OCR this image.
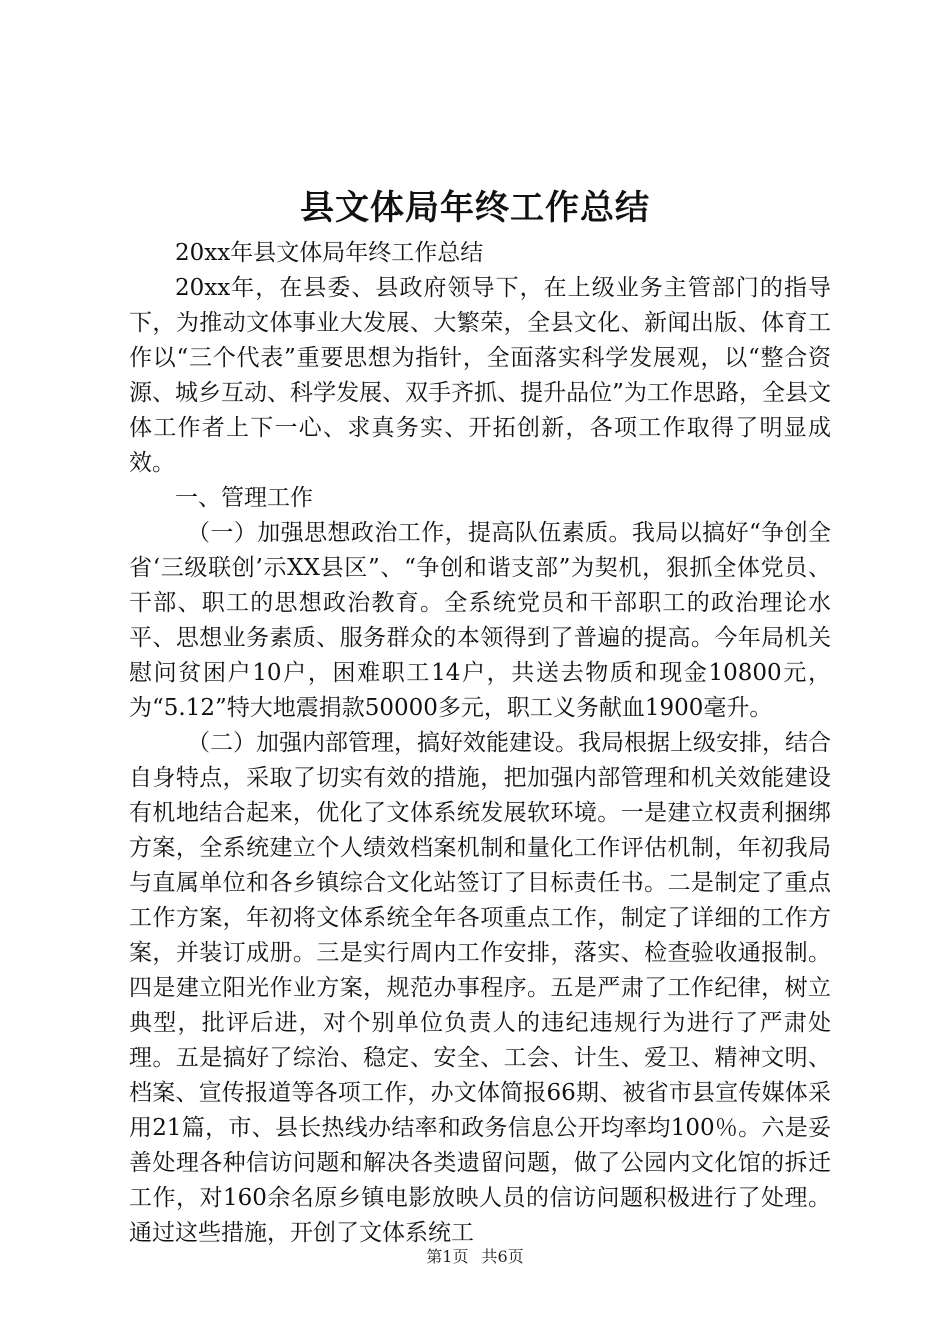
县文体局年终工作总结

20xx年县文体局年终工作总结

20xx年，在县委、县政府领导下，在上级业务主管部门的指导下，为推动文体事业大发展、大繁荣，全县文化、新闻出版、体育工作以“三个代表”重要思想为指针，全面落实科学发展观，以“整合资源、城乡互动、科学发展、双手齐抓、提升品位”为工作思路，全县文体工作者上下一心、求真务实、开拓创新，各项工作取得了明显成效。

一、管理工作

（一）加强思想政治工作，提高队伍素质。我局以搞好“争创全省‘三级联创’示XX县区”、“争创和谐支部”为契机，狠抓全体党员、干部、职工的思想政治教育。全系统党员和干部职工的政治理论水平、思想业务素质、服务群众的本领得到了普遍的提高。今年局机关慰问贫困户10户，困难职工14户，共送去物质和现金10800元，为“5.12”特大地震捐款50000多元，职工义务献血1900毫升。

（二）加强内部管理，搞好效能建设。我局根据上级安排，结合自身特点，采取了切实有效的措施，把加强内部管理和机关效能建设有机地结合起来，优化了文体系统发展软环境。一是建立权责利捆绑方案，全系统建立个人绩效档案机制和量化工作评估机制，年初我局与直属单位和各乡镇综合文化站签订了目标责任书。二是制定了重点工作方案，年初将文体系统全年各项重点工作，制定了详细的工作方案，并装订成册。三是实行周内工作安排，落实、检查验收通报制。四是建立阳光作业方案，规范办事程序。五是严肃了工作纪律，树立典型，批评后进，对个别单位负责人的违纪违规行为进行了严肃处理。五是搞好了综治、稳定、安全、工会、计生、爱卫、精神文明、档案、宣传报道等各项工作，办文体简报66期、被省市县宣传媒体采用21篇，市、县长热线办结率和政务信息公开均率均100％。六是妥善处理各种信访问题和解决各类遗留问题，做了公园内文化馆的拆迁工作，对160余名原乡镇电影放映人员的信访问题积极进行了处理。通过这些措施，开创了文体系统工

第1页 共6页
